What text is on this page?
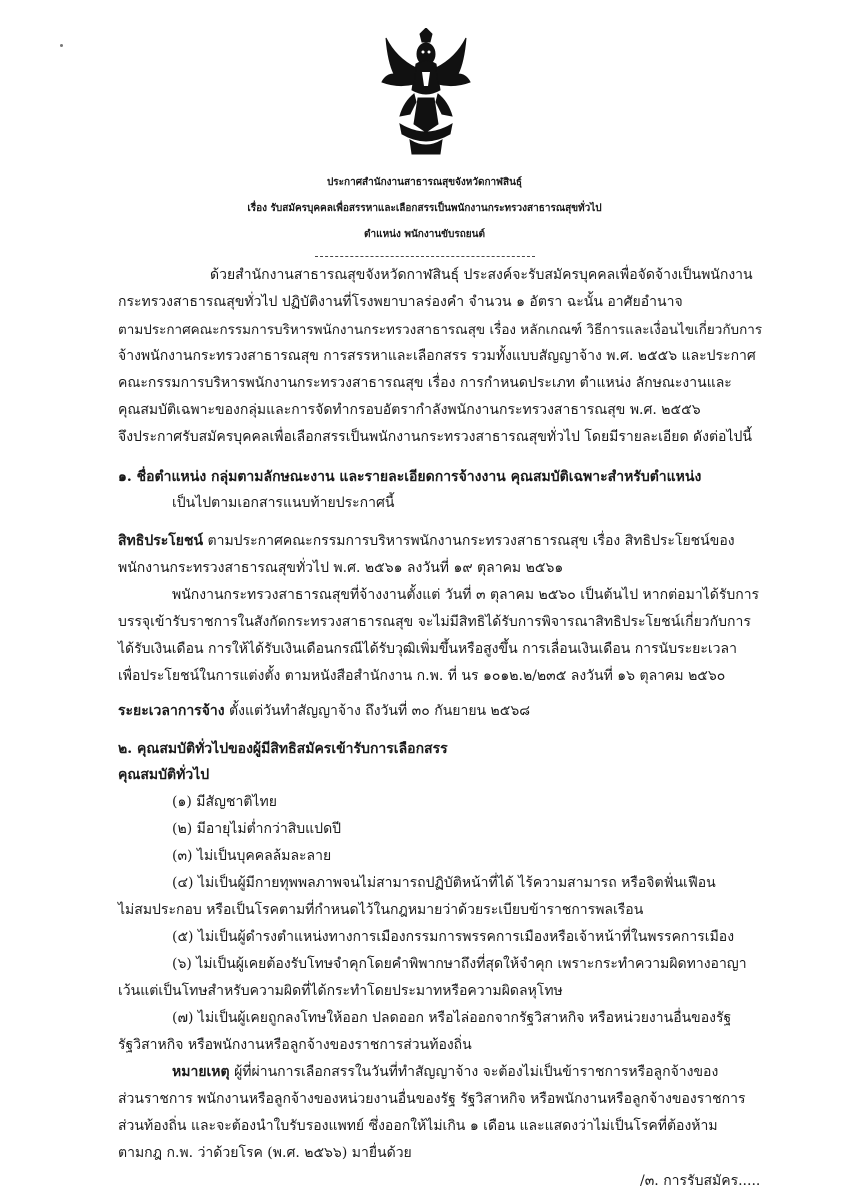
ประกาศสำนักงานสาธารณสุขจังหวัดกาฬสินธุ์
เรื่อง รับสมัครบุคคลเพื่อสรรหาและเลือกสรรเป็นพนักงานกระทรวงสาธารณสุขทั่วไป
ตำแหน่ง พนักงานขับรถยนต์
ด้วยสำนักงานสาธารณสุขจังหวัดกาฬสินธุ์ ประสงค์จะรับสมัครบุคคลเพื่อจัดจ้างเป็นพนักงาน
กระทรวงสาธารณสุขทั่วไป ปฏิบัติงานที่โรงพยาบาลร่องคำ จำนวน ๑ อัตรา ฉะนั้น อาศัยอำนาจ
ตามประกาศคณะกรรมการบริหารพนักงานกระทรวงสาธารณสุข เรื่อง หลักเกณฑ์ วิธีการและเงื่อนไขเกี่ยวกับการ
จ้างพนักงานกระทรวงสาธารณสุข การสรรหาและเลือกสรร รวมทั้งแบบสัญญาจ้าง พ.ศ. ๒๕๕๖ และประกาศ
คณะกรรมการบริหารพนักงานกระทรวงสาธารณสุข เรื่อง การกำหนดประเภท ตำแหน่ง ลักษณะงานและ
คุณสมบัติเฉพาะของกลุ่มและการจัดทำกรอบอัตรากำลังพนักงานกระทรวงสาธารณสุข พ.ศ. ๒๕๕๖
จึงประกาศรับสมัครบุคคลเพื่อเลือกสรรเป็นพนักงานกระทรวงสาธารณสุขทั่วไป โดยมีรายละเอียด ดังต่อไปนี้
๑. ชื่อตำแหน่ง กลุ่มตามลักษณะงาน และรายละเอียดการจ้างงาน คุณสมบัติเฉพาะสำหรับตำแหน่ง
เป็นไปตามเอกสารแนบท้ายประกาศนี้
สิทธิประโยชน์ ตามประกาศคณะกรรมการบริหารพนักงานกระทรวงสาธารณสุข เรื่อง สิทธิประโยชน์ของ
พนักงานกระทรวงสาธารณสุขทั่วไป พ.ศ. ๒๕๖๑ ลงวันที่ ๑๙ ตุลาคม ๒๕๖๑
พนักงานกระทรวงสาธารณสุขที่จ้างงานตั้งแต่ วันที่ ๓ ตุลาคม ๒๕๖๐ เป็นต้นไป หากต่อมาได้รับการ
บรรจุเข้ารับราชการในสังกัดกระทรวงสาธารณสุข จะไม่มีสิทธิได้รับการพิจารณาสิทธิประโยชน์เกี่ยวกับการ
ได้รับเงินเดือน การให้ได้รับเงินเดือนกรณีได้รับวุฒิเพิ่มขึ้นหรือสูงขึ้น การเลื่อนเงินเดือน การนับระยะเวลา
เพื่อประโยชน์ในการแต่งตั้ง ตามหนังสือสำนักงาน ก.พ. ที่ นร ๑๐๑๒.๒/๒๓๕ ลงวันที่ ๑๖ ตุลาคม ๒๕๖๐
ระยะเวลาการจ้าง ตั้งแต่วันทำสัญญาจ้าง ถึงวันที่ ๓๐ กันยายน ๒๕๖๘
๒. คุณสมบัติทั่วไปของผู้มีสิทธิสมัครเข้ารับการเลือกสรร
คุณสมบัติทั่วไป
(๑) มีสัญชาติไทย
(๒) มีอายุไม่ต่ำกว่าสิบแปดปี
(๓) ไม่เป็นบุคคลล้มละลาย
(๔) ไม่เป็นผู้มีกายทุพพลภาพจนไม่สามารถปฏิบัติหน้าที่ได้ ไร้ความสามารถ หรือจิตฟั่นเฟือน
ไม่สมประกอบ หรือเป็นโรคตามที่กำหนดไว้ในกฎหมายว่าด้วยระเบียบข้าราชการพลเรือน
(๕) ไม่เป็นผู้ดำรงตำแหน่งทางการเมืองกรรมการพรรคการเมืองหรือเจ้าหน้าที่ในพรรคการเมือง
(๖) ไม่เป็นผู้เคยต้องรับโทษจำคุกโดยคำพิพากษาถึงที่สุดให้จำคุก เพราะกระทำความผิดทางอาญา
เว้นแต่เป็นโทษสำหรับความผิดที่ได้กระทำโดยประมาทหรือความผิดลหุโทษ
(๗) ไม่เป็นผู้เคยถูกลงโทษให้ออก ปลดออก หรือไล่ออกจากรัฐวิสาหกิจ หรือหน่วยงานอื่นของรัฐ
รัฐวิสาหกิจ หรือพนักงานหรือลูกจ้างของราชการส่วนท้องถิ่น
หมายเหตุ ผู้ที่ผ่านการเลือกสรรในวันที่ทำสัญญาจ้าง จะต้องไม่เป็นข้าราชการหรือลูกจ้างของ
ส่วนราชการ พนักงานหรือลูกจ้างของหน่วยงานอื่นของรัฐ รัฐวิสาหกิจ หรือพนักงานหรือลูกจ้างของราชการ
ส่วนท้องถิ่น และจะต้องนำใบรับรองแพทย์ ซึ่งออกให้ไม่เกิน ๑ เดือน และแสดงว่าไม่เป็นโรคที่ต้องห้าม
ตามกฎ ก.พ. ว่าด้วยโรค (พ.ศ. ๒๕๖๖) มายื่นด้วย
/๓. การรับสมัคร.....
